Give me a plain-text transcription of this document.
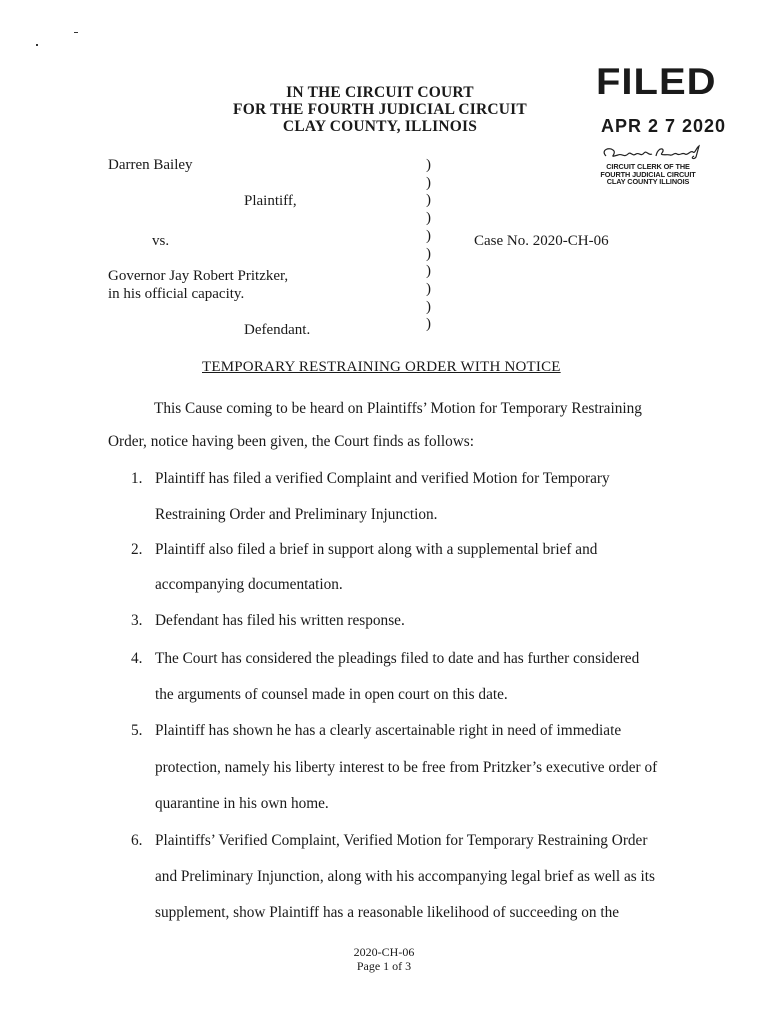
IN THE CIRCUIT COURT
FOR THE FOURTH JUDICIAL CIRCUIT
CLAY COUNTY, ILLINOIS
FILED
APR 2 7 2020
CIRCUIT CLERK OF THE
FOURTH JUDICIAL CIRCUIT
CLAY COUNTY ILLINOIS
Darren Bailey
Plaintiff,
vs.
Governor Jay Robert Pritzker,
in his official capacity.
Defendant.
Case No. 2020-CH-06
)
)
)
)
)
)
)
)
)
)
TEMPORARY RESTRAINING ORDER WITH NOTICE
This Cause coming to be heard on Plaintiffs’ Motion for Temporary Restraining
Order, notice having been given, the Court finds as follows:
1. Plaintiff has filed a verified Complaint and verified Motion for Temporary
Restraining Order and Preliminary Injunction.
2. Plaintiff also filed a brief in support along with a supplemental brief and
accompanying documentation.
3. Defendant has filed his written response.
4. The Court has considered the pleadings filed to date and has further considered
the arguments of counsel made in open court on this date.
5. Plaintiff has shown he has a clearly ascertainable right in need of immediate
protection, namely his liberty interest to be free from Pritzker’s executive order of
quarantine in his own home.
6. Plaintiffs’ Verified Complaint, Verified Motion for Temporary Restraining Order
and Preliminary Injunction, along with his accompanying legal brief as well as its
supplement, show Plaintiff has a reasonable likelihood of succeeding on the
2020-CH-06
Page 1 of 3
